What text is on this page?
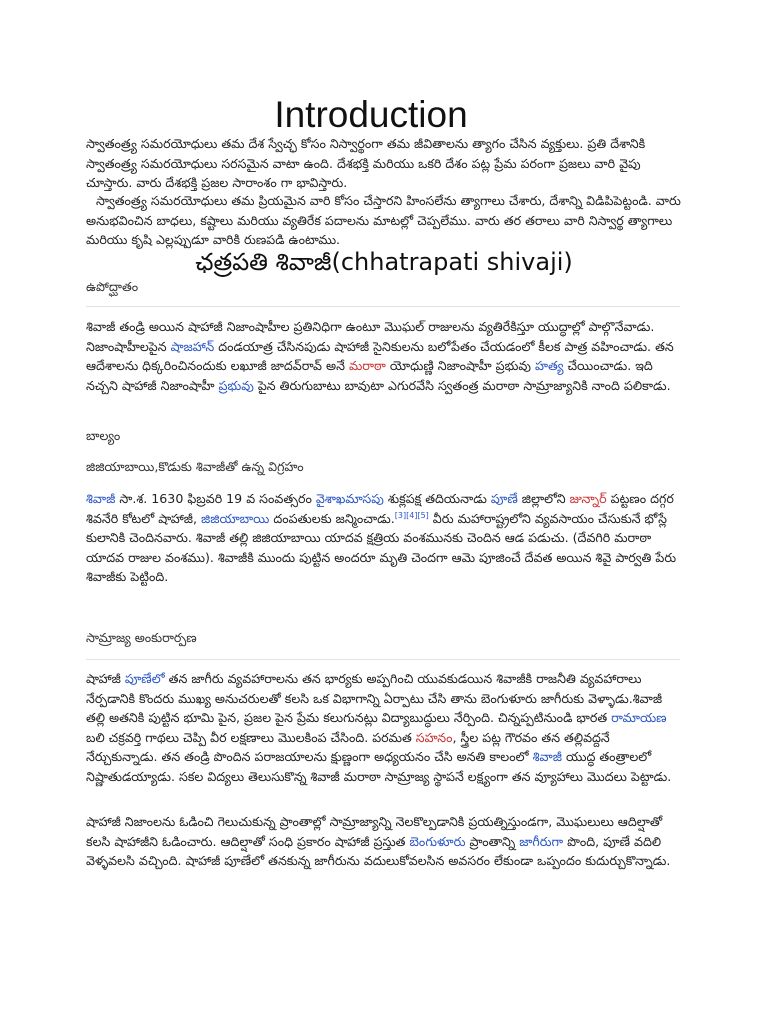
Introduction

స్వాతంత్ర్య సమరయోధులు తమ దేశ స్వేచ్ఛ కోసం నిస్వార్థంగా తమ జీవితాలను త్యాగం చేసిన వ్యక్తులు. ప్రతి దేశానికి స్వాతంత్ర్య సమరయోధులు సరసమైన వాటా ఉంది. దేశభక్తి మరియు ఒకరి దేశం పట్ల ప్రేమ పరంగా ప్రజలు వారి వైపు చూస్తారు. వారు దేశభక్తి ప్రజల సారాంశం గా భావిస్తారు.

స్వాతంత్ర్య సమరయోధులు తమ ప్రియమైన వారి కోసం చేస్తారని హింసలేను త్యాగాలు చేశారు, దేశాన్ని విడిపిపెట్టండి. వారు అనుభవించిన బాధలు, కష్టాలు మరియు వ్యతిరేక పదాలను మాటల్లో చెప్పలేము. వారు తర తరాలు వారి నిస్వార్థ త్యాగాలు మరియు కృషి ఎల్లప్పుడూ వారికి రుణపడి ఉంటాము.

ఛత్రపతి శివాజీ(chhatrapati shivaji)

ఉపోద్ఘాతం

శివాజీ తండ్రి అయిన షాహాజీ నిజాంషాహీల ప్రతినిధిగా ఉంటూ మొఘల్ రాజులను వ్యతిరేకిస్తూ యుద్ధాల్లో పాల్గొనేవాడు. నిజాంషాహీలపైన షాజహాన్ దండయాత్ర చేసినపుడు షాహాజీ సైనికులను బలోపేతం చేయడంలో కీలక పాత్ర వహించాడు. తన ఆదేశాలను ధిక్కరించినందుకు లఖూజీ జాదవ్‌రావ్ అనే మరాఠా యోధుణ్ణి నిజాంషాహీ ప్రభువు హత్య చేయించాడు. ఇది నచ్చని షాహాజీ నిజాంషాహీ ప్రభువు పైన తిరుగుబాటు బావుటా ఎగురవేసి స్వతంత్ర మరాఠా సామ్రాజ్యానికి నాంది పలికాడు.

బాల్యం

జిజియాబాయి,కొడుకు శివాజీతో ఉన్న విగ్రహం

శివాజీ సా.శ. 1630 ఫిబ్రవరి 19 వ సంవత్సరం వైశాఖమాసపు శుక్లపక్ష తదియనాడు పూణే జిల్లాలోని జున్నార్ పట్టణం దగ్గర శివనేరి కోటలో షాహాజీ, జిజియాబాయి దంపతులకు జన్మించాడు.[3][4][5] వీరు మహారాష్ట్రలోని వ్యవసాయం చేసుకునే భోస్లే కులానికి చెందినవారు. శివాజీ తల్లి జిజియాబాయి యాదవ క్షత్రియ వంశమునకు చెందిన ఆడ పడుచు. (దేవగిరి మరాఠా యాదవ రాజుల వంశము). శివాజీకి ముందు పుట్టిన అందరూ మృతి చెందగా ఆమె పూజించే దేవత అయిన శివై పార్వతి పేరు శివాజీకు పెట్టింది.

సామ్రాజ్య అంకురార్పణ

షాహాజీ పూణేలో తన జాగీరు వ్యవహారాలను తన భార్యకు అప్పగించి యువకుడయిన శివాజీకి రాజనీతి వ్యవహారాలు నేర్పడానికి కొందరు ముఖ్య అనుచరులతో కలసి ఒక విభాగాన్ని ఏర్పాటు చేసి తాను బెంగుళూరు జాగీరుకు వెళ్ళాడు.శివాజీ తల్లి అతనికి పుట్టిన భూమి పైన, ప్రజల పైన ప్రేమ కలుగునట్లు విద్యాబుద్ధులు నేర్పింది. చిన్నప్పటినుండి భారత రామాయణ బలి చక్రవర్తి గాథలు చెప్పి వీర లక్షణాలు మొలకింప చేసింది. పరమత సహనం, స్త్రీల పట్ల గౌరవం తన తల్లివద్దనే నేర్చుకున్నాడు. తన తండ్రి పొందిన పరాజయాలను క్షుణ్ణంగా అధ్యయనం చేసి అనతి కాలంలో శివాజీ యుద్ధ తంత్రాలలో నిష్ణాతుడయ్యాడు. సకల విద్యలు తెలుసుకొన్న శివాజీ మరాఠా సామ్రాజ్య స్థాపనే లక్ష్యంగా తన వ్యూహాలు మొదలు పెట్టాడు.

షాహాజీ నిజాంలను ఓడించి గెలుచుకున్న ప్రాంతాల్లో సామ్రాజ్యాన్ని నెలకొల్పడానికి ప్రయత్నిస్తుండగా, మొఘలులు ఆదిల్షాతో కలసి షాహాజీని ఓడించారు. ఆదిల్షాతో సంధి ప్రకారం షాహాజీ ప్రస్తుత బెంగుళూరు ప్రాంతాన్ని జాగీరుగా పొంది, పూణే వదిలి వెళ్ళవలసి వచ్చింది. షాహాజీ పూణేలో తనకున్న జాగీరును వదులుకోవలసిన అవసరం లేకుండా ఒప్పందం కుదుర్చుకొన్నాడు.
